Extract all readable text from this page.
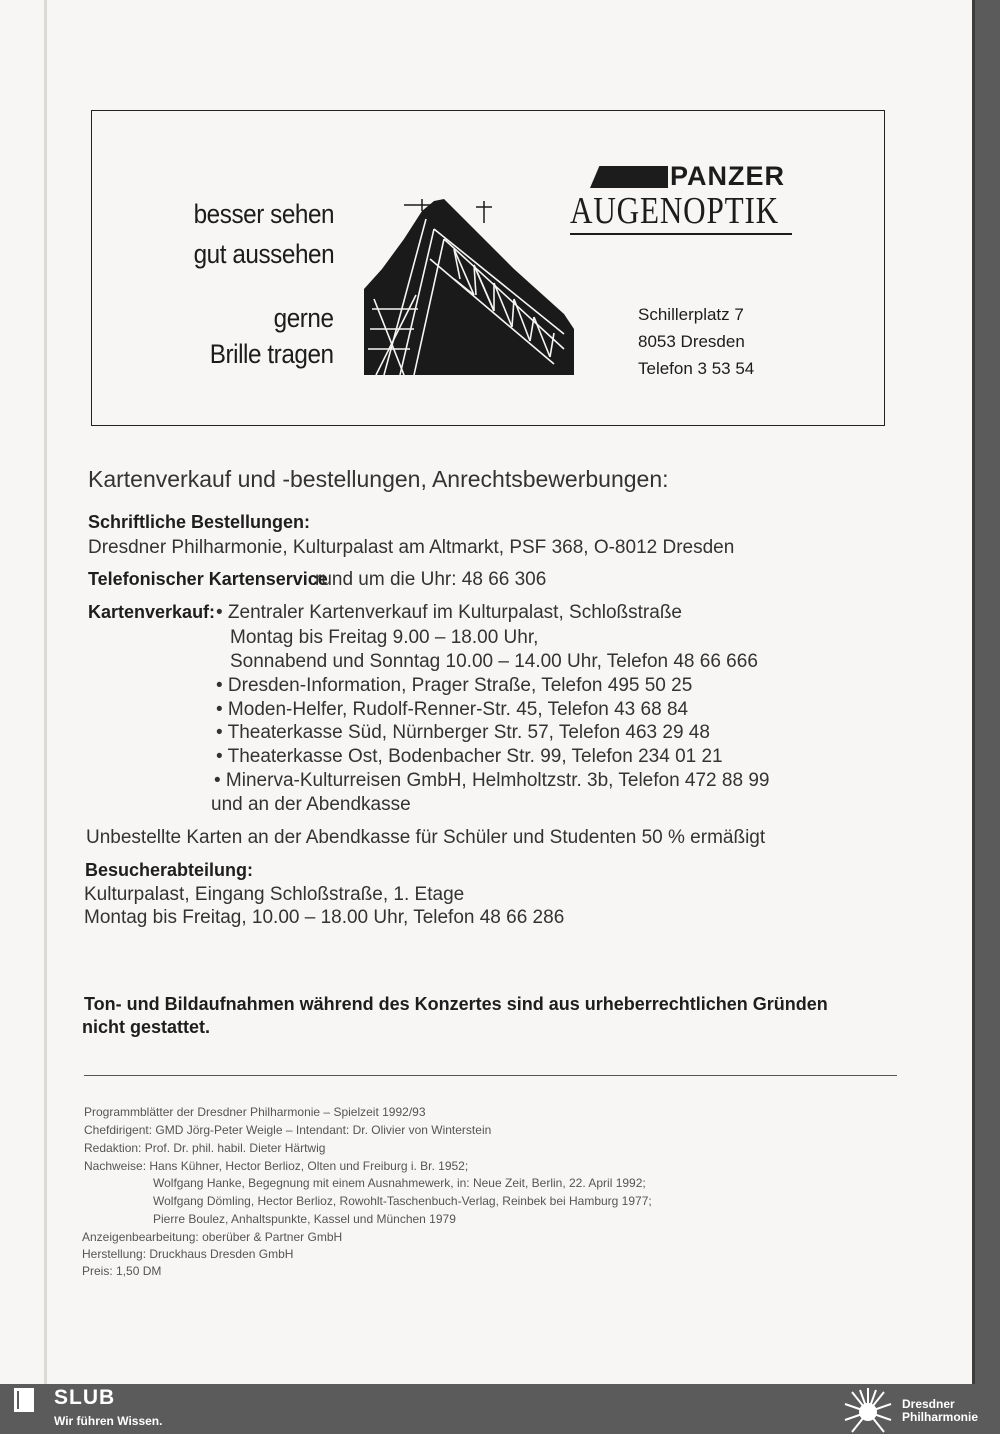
besser sehen
gut aussehen
gerne
Brille tragen
PANZER
AUGENOPTIK
Schillerplatz 7
8053 Dresden
Telefon 3 53 54
Kartenverkauf und -bestellungen, Anrechtsbewerbungen:
Schriftliche Bestellungen:
Dresdner Philharmonie, Kulturpalast am Altmarkt, PSF 368, O-8012 Dresden
Telefonischer Kartenservice
rund um die Uhr: 48 66 306
Kartenverkauf: • Zentraler Kartenverkauf im Kulturpalast, Schloßstraße
Montag bis Freitag 9.00 – 18.00 Uhr,
Sonnabend und Sonntag 10.00 – 14.00 Uhr, Telefon 48 66 666
• Dresden-Information, Prager Straße, Telefon 495 50 25
• Moden-Helfer, Rudolf-Renner-Str. 45, Telefon 43 68 84
• Theaterkasse Süd, Nürnberger Str. 57, Telefon 463 29 48
• Theaterkasse Ost, Bodenbacher Str. 99, Telefon 234 01 21
• Minerva-Kulturreisen GmbH, Helmholtzstr. 3b, Telefon 472 88 99
und an der Abendkasse
Unbestellte Karten an der Abendkasse für Schüler und Studenten 50 % ermäßigt
Besucherabteilung:
Kulturpalast, Eingang Schloßstraße, 1. Etage
Montag bis Freitag, 10.00 – 18.00 Uhr, Telefon 48 66 286
Ton- und Bildaufnahmen während des Konzertes sind aus urheberrechtlichen Gründen
nicht gestattet.
Programmblätter der Dresdner Philharmonie – Spielzeit 1992/93
Chefdirigent: GMD Jörg-Peter Weigle – Intendant: Dr. Olivier von Winterstein
Redaktion: Prof. Dr. phil. habil. Dieter Härtwig
Nachweise: Hans Kühner, Hector Berlioz, Olten und Freiburg i. Br. 1952;
Wolfgang Hanke, Begegnung mit einem Ausnahmewerk, in: Neue Zeit, Berlin, 22. April 1992;
Wolfgang Dömling, Hector Berlioz, Rowohlt-Taschenbuch-Verlag, Reinbek bei Hamburg 1977;
Pierre Boulez, Anhaltspunkte, Kassel und München 1979
Anzeigenbearbeitung: oberüber & Partner GmbH
Herstellung: Druckhaus Dresden GmbH
Preis: 1,50 DM
SLUB
Wir führen Wissen.
Dresdner
Philharmonie
